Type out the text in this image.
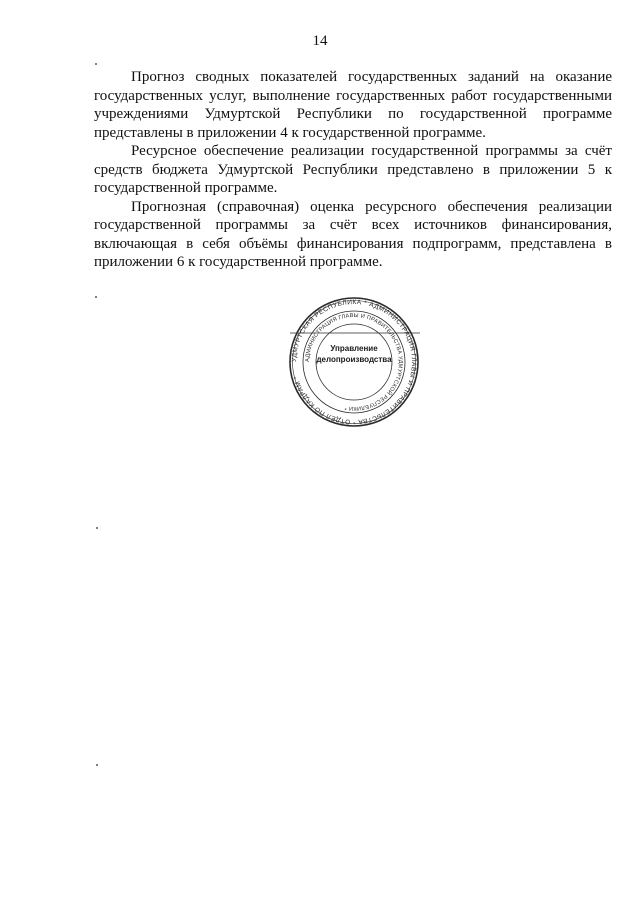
14

Прогноз сводных показателей государственных заданий на оказание государственных услуг, выполнение государственных работ государственными учреждениями Удмуртской Республики по государственной программе представлены в приложении 4 к государственной программе.

Ресурсное обеспечение реализации государственной программы за счёт средств бюджета Удмуртской Республики представлено в приложении 5 к государственной программе.

Прогнозная (справочная) оценка ресурсного обеспечения реализации государственной программы за счёт всех источников финансирования, включающая в себя объёмы финансирования подпрограмм, представлена в приложении 6 к государственной программе.

УДМУРТСКАЯ РЕСПУБЛИКА * АДМИНИСТРАЦИЯ ГЛАВЫ И ПРАВИТЕЛЬСТВА * ОТДЕЛ ПО КАДРАМ *
АДМИНИСТРАЦИЯ ГЛАВЫ И ПРАВИТЕЛЬСТВА УДМУРТСКОЙ РЕСПУБЛИКИ *
Управление
делопроизводства
